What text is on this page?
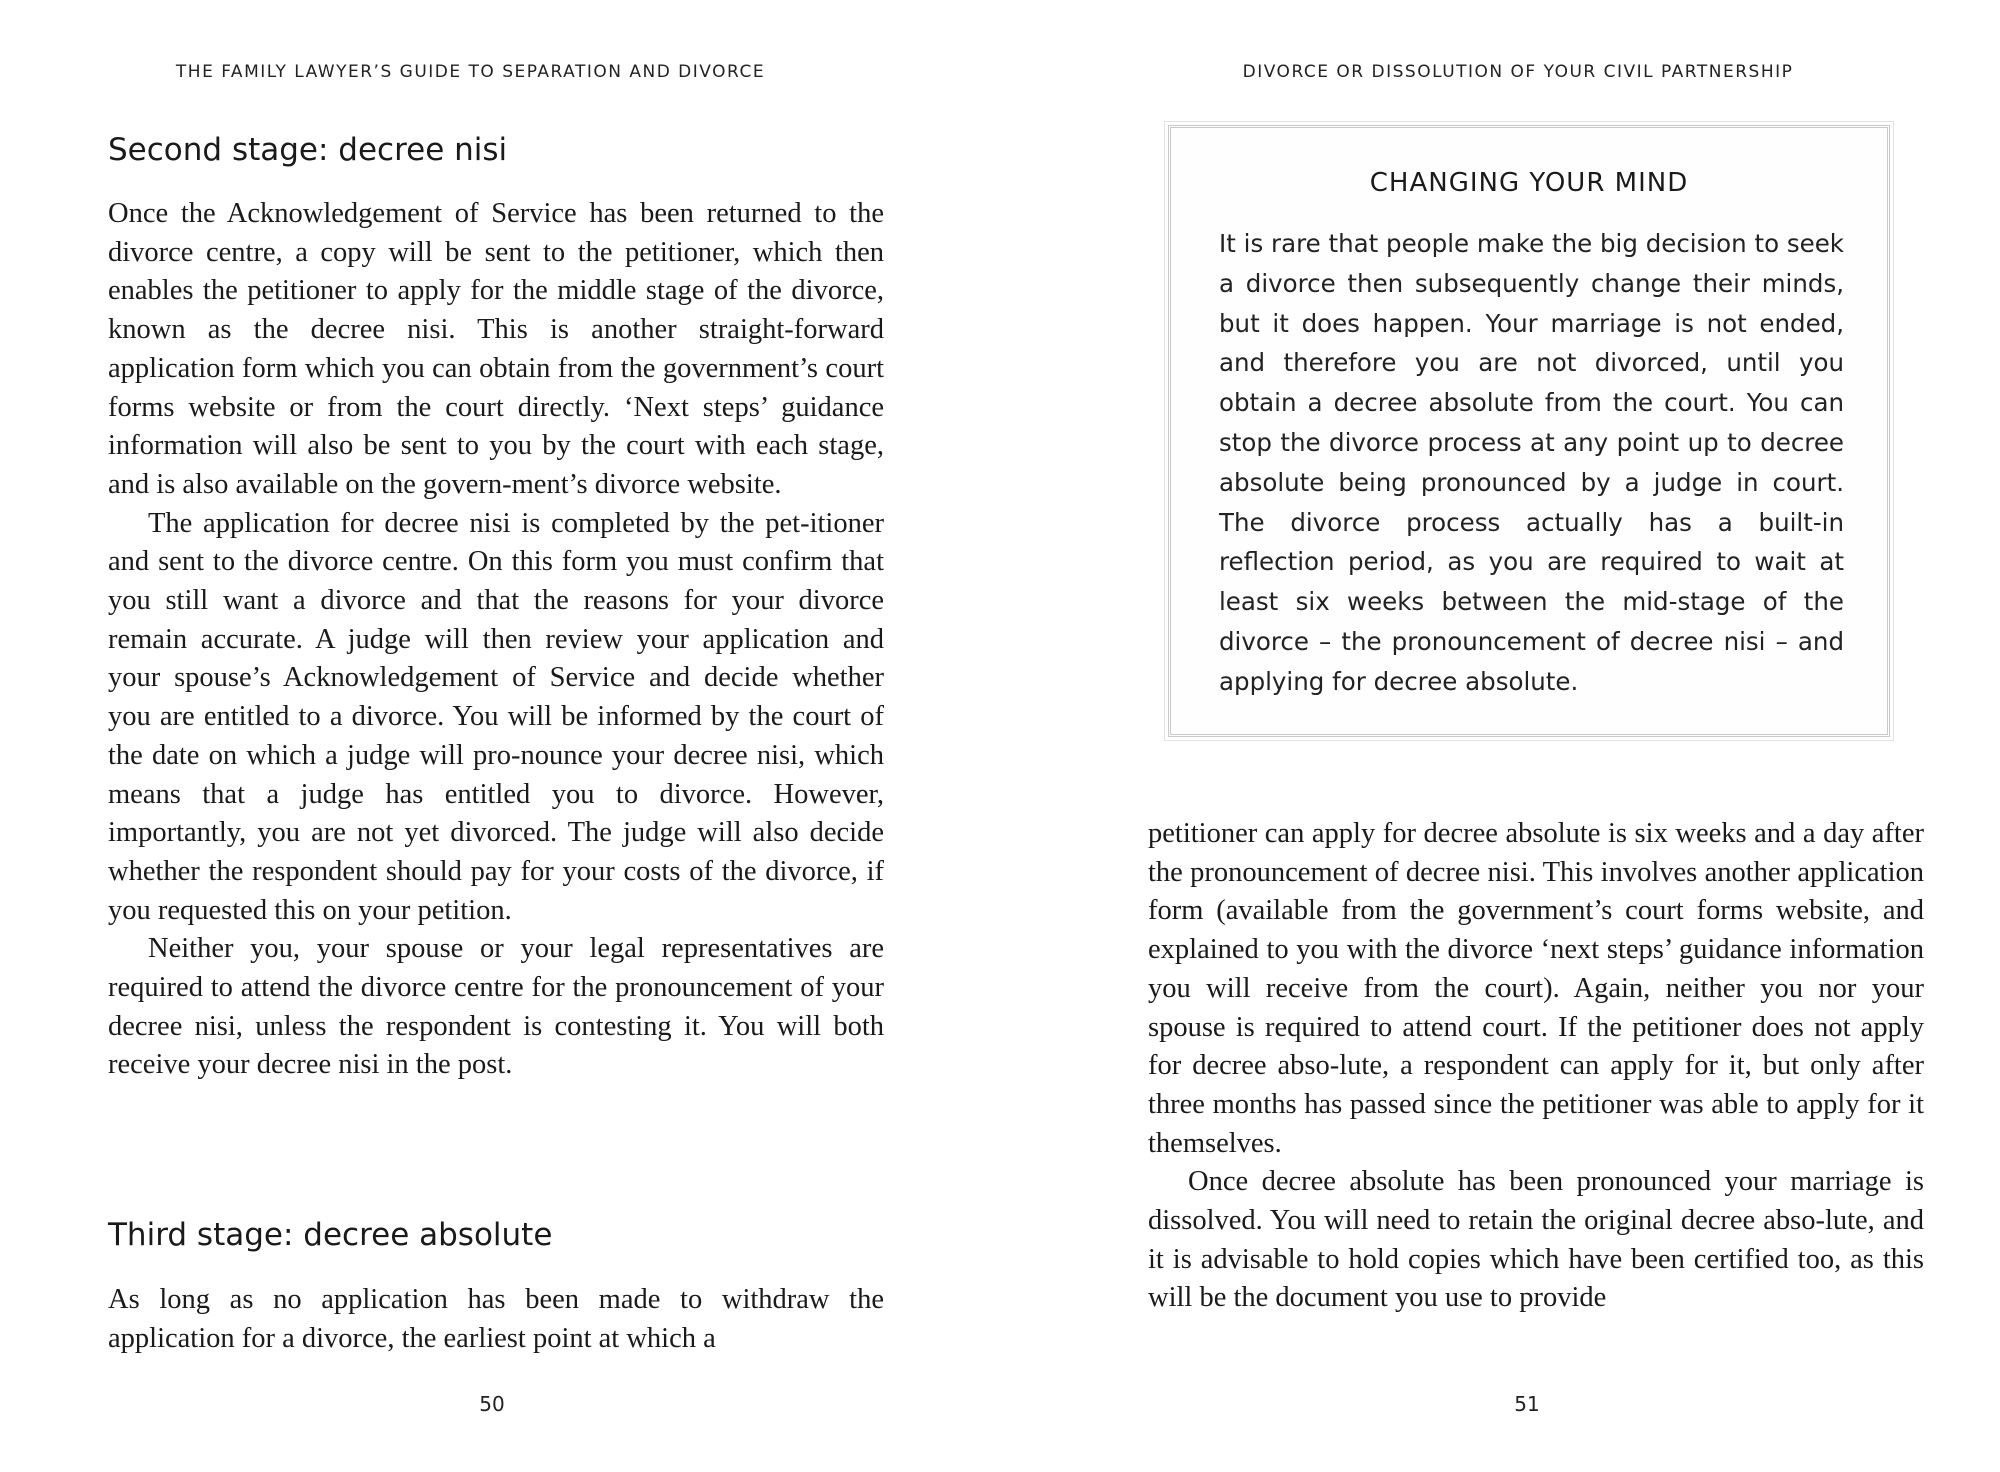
THE FAMILY LAWYER’S GUIDE TO SEPARATION AND DIVORCE
Second stage: decree nisi

Once the Acknowledgement of Service has been returned to the divorce centre, a copy will be sent to the petitioner, which then enables the petitioner to apply for the middle stage of the divorce, known as the decree nisi. This is another straight-forward application form which you can obtain from the government’s court forms website or from the court directly. ‘Next steps’ guidance information will also be sent to you by the court with each stage, and is also available on the govern-ment’s divorce website.

The application for decree nisi is completed by the pet-itioner and sent to the divorce centre. On this form you must confirm that you still want a divorce and that the reasons for your divorce remain accurate. A judge will then review your application and your spouse’s Acknowledgement of Service and decide whether you are entitled to a divorce. You will be informed by the court of the date on which a judge will pro-nounce your decree nisi, which means that a judge has entitled you to divorce. However, importantly, you are not yet divorced. The judge will also decide whether the respondent should pay for your costs of the divorce, if you requested this on your petition.

Neither you, your spouse or your legal representatives are required to attend the divorce centre for the pronouncement of your decree nisi, unless the respondent is contesting it. You will both receive your decree nisi in the post.

Third stage: decree absolute

As long as no application has been made to withdraw the application for a divorce, the earliest point at which a

50
DIVORCE OR DISSOLUTION OF YOUR CIVIL PARTNERSHIP
CHANGING YOUR MIND

It is rare that people make the big decision to seek a divorce then subsequently change their minds, but it does happen. Your marriage is not ended, and therefore you are not divorced, until you obtain a decree absolute from the court. You can stop the divorce process at any point up to decree absolute being pronounced by a judge in court. The divorce process actually has a built-in reflection period, as you are required to wait at least six weeks between the mid-stage of the divorce – the pronouncement of decree nisi – and applying for decree absolute.

petitioner can apply for decree absolute is six weeks and a day after the pronouncement of decree nisi. This involves another application form (available from the government’s court forms website, and explained to you with the divorce ‘next steps’ guidance information you will receive from the court). Again, neither you nor your spouse is required to attend court. If the petitioner does not apply for decree abso-lute, a respondent can apply for it, but only after three months has passed since the petitioner was able to apply for it themselves.

Once decree absolute has been pronounced your marriage is dissolved. You will need to retain the original decree abso-lute, and it is advisable to hold copies which have been certified too, as this will be the document you use to provide

51
